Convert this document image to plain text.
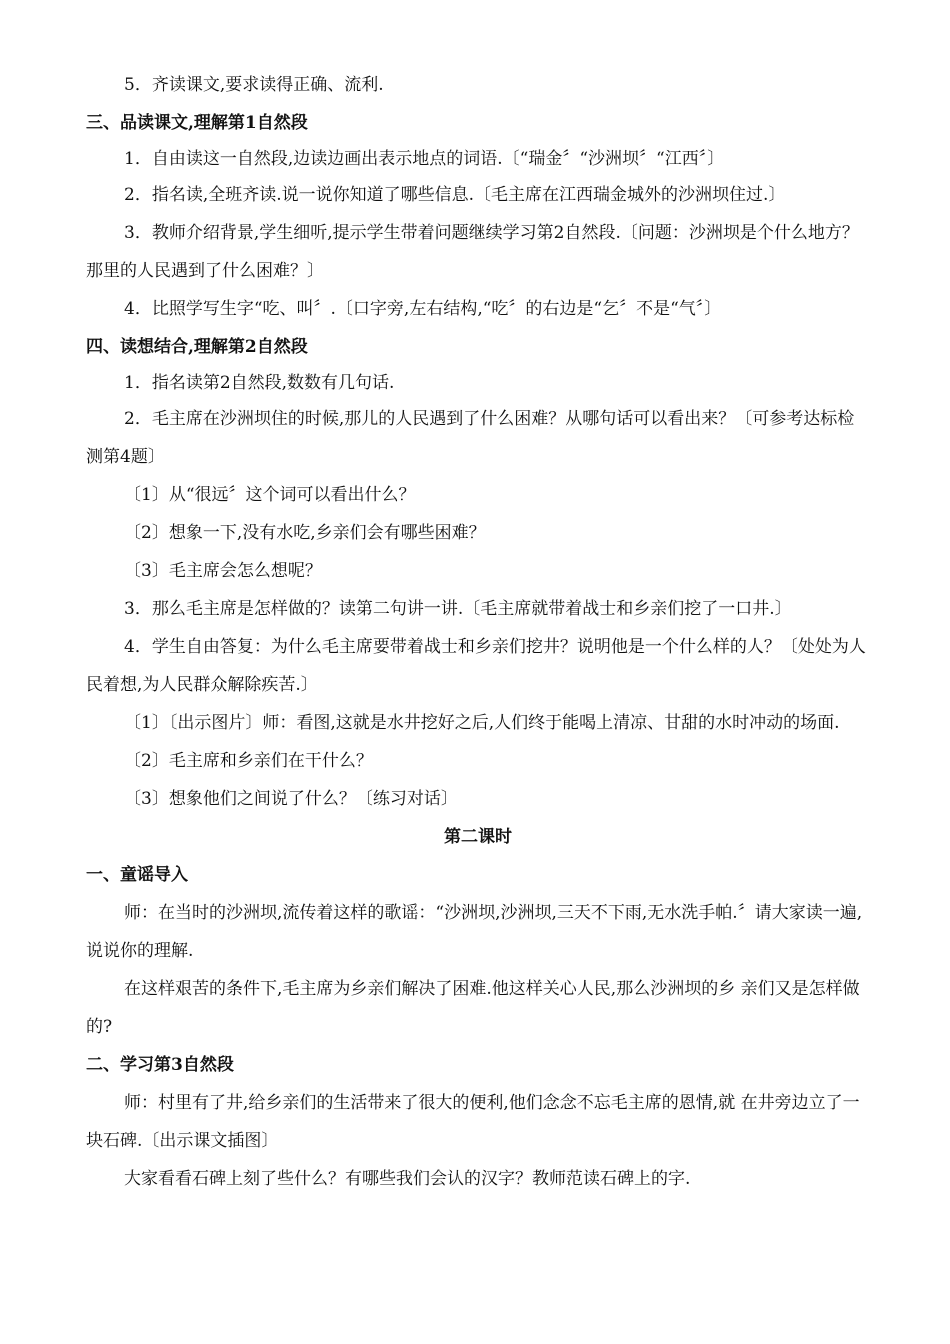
5．齐读课文,要求读得正确、流利.

三、品读课文,理解第1自然段

1．自由读这一自然段,边读边画出表示地点的词语.〔“瑞金〞“沙洲坝〞“江西〞〕

2．指名读,全班齐读.说一说你知道了哪些信息.〔毛主席在江西瑞金城外的沙洲坝住过.〕

3．教师介绍背景,学生细听,提示学生带着问题继续学习第2自然段.〔问题：沙洲坝是个什么地方？那里的人民遇到了什么困难？〕

4．比照学写生字“吃、叫〞.〔口字旁,左右结构,“吃〞的右边是“乞〞不是“气〞〕

四、读想结合,理解第2自然段

1．指名读第2自然段,数数有几句话.

2．毛主席在沙洲坝住的时候,那儿的人民遇到了什么困难？从哪句话可以看出来？〔可参考达标检测第4题〕

〔1〕从“很远〞这个词可以看出什么？

〔2〕想象一下,没有水吃,乡亲们会有哪些困难？

〔3〕毛主席会怎么想呢？

3．那么毛主席是怎样做的？读第二句讲一讲.〔毛主席就带着战士和乡亲们挖了一口井.〕

4．学生自由答复：为什么毛主席要带着战士和乡亲们挖井？说明他是一个什么样的人？〔处处为人民着想,为人民群众解除疾苦.〕

〔1〕〔出示图片〕师：看图,这就是水井挖好之后,人们终于能喝上清凉、甘甜的水时冲动的场面.

〔2〕毛主席和乡亲们在干什么？

〔3〕想象他们之间说了什么？〔练习对话〕

第二课时

一、童谣导入

师：在当时的沙洲坝,流传着这样的歌谣：“沙洲坝,沙洲坝,三天不下雨,无水洗手帕.〞请大家读一遍,说说你的理解.

在这样艰苦的条件下,毛主席为乡亲们解决了困难.他这样关心人民,那么沙洲坝的乡 亲们又是怎样做的?

二、学习第3自然段

师：村里有了井,给乡亲们的生活带来了很大的便利,他们念念不忘毛主席的恩情,就 在井旁边立了一块石碑.〔出示课文插图〕

大家看看石碑上刻了些什么？有哪些我们会认的汉字？教师范读石碑上的字.
